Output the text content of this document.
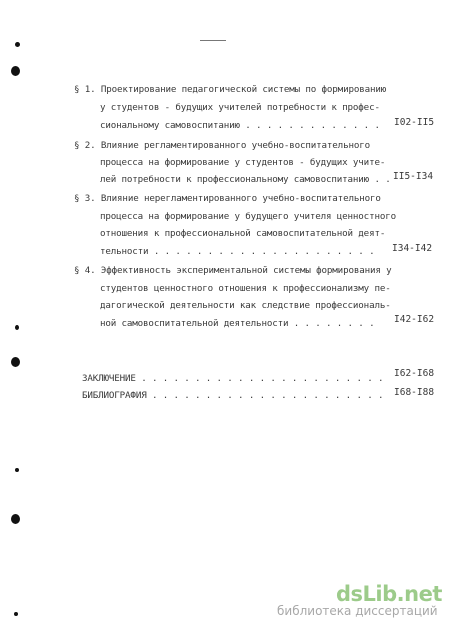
§ 1. Проектирование педагогической системы по формированию
у студентов - будущих учителей потребности к профес-
сиональному самовоспитанию . . . . . . . . . . . . . I02-II5
§ 2. Влияние регламентированного учебно-воспитательного
процесса на формирование у студентов - будущих учите-
лей потребности к профессиональному самовоспитанию . . II5-I34
§ 3. Влияние нерегламентированного учебно-воспитательного
процесса на формирование у будущего учителя ценностного
отношения к профессиональной самовоспитательной деят-
тельности . . . . . . . . . . . . . . . . . . . . . I34-I42
§ 4. Эффективность экспериментальной системы формирования у
студентов ценностного отношения к профессионализму пе-
дагогической деятельности как следствие профессиональ-
ной самовоспитательной деятельности . . . . . . . . I42-I62
ЗАКЛЮЧЕНИЕ . . . . . . . . . . . . . . . . . . . . . . . I62-I68
БИБЛИОГРАФИЯ . . . . . . . . . . . . . . . . . . . . . . I68-I88
dsLib.net
библиотека диссертаций
